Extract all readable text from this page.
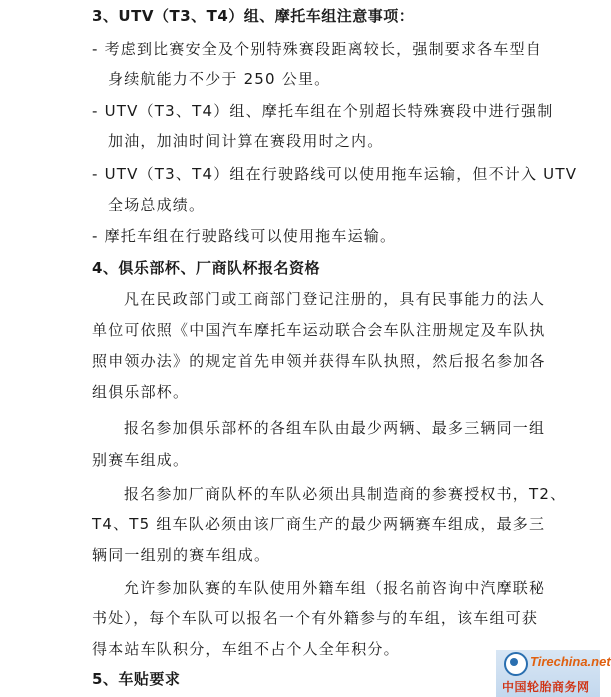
3、UTV（T3、T4）组、摩托车组注意事项：
- 考虑到比赛安全及个别特殊赛段距离较长，强制要求各车型自
身续航能力不少于 250 公里。
- UTV（T3、T4）组、摩托车组在个别超长特殊赛段中进行强制
加油，加油时间计算在赛段用时之内。
- UTV（T3、T4）组在行驶路线可以使用拖车运输，但不计入 UTV
全场总成绩。
- 摩托车组在行驶路线可以使用拖车运输。
4、俱乐部杯、厂商队杯报名资格
凡在民政部门或工商部门登记注册的，具有民事能力的法人
单位可依照《中国汽车摩托车运动联合会车队注册规定及车队执
照申领办法》的规定首先申领并获得车队执照，然后报名参加各
组俱乐部杯。
报名参加俱乐部杯的各组车队由最少两辆、最多三辆同一组
别赛车组成。
报名参加厂商队杯的车队必须出具制造商的参赛授权书，T2、
T4、T5 组车队必须由该厂商生产的最少两辆赛车组成，最多三
辆同一组别的赛车组成。
允许参加队赛的车队使用外籍车组（报名前咨询中汽摩联秘
书处），每个车队可以报名一个有外籍参与的车组，该车组可获
得本站车队积分，车组不占个人全年积分。
5、车贴要求
Tirechina.net
中国轮胎商务网
